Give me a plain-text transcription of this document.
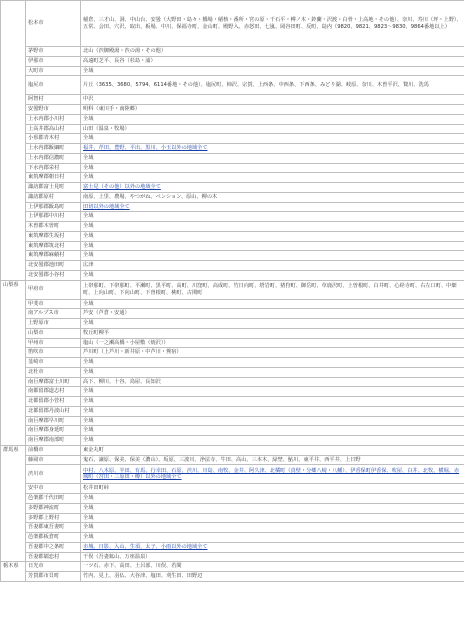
	松本市	稲倉、三才山、洞、中山台、安曇（大野田・島々・橋場・稲核・番所・宮の原・千石平・榑ノ木・鈴蘭・沢渡・白骨・上高地・その他）、奈川、寿川（坪・上野）、五常、会田、穴沢、取出、板場、中川、保福寺町、金山町、殿野入、赤怒田、七嵐、岡谷田町、反町、島内（9820、9821、9823～9830、9864番地以上）
	茅野市	北山（渋御殿湯・渋の湯・その他）
	伊那市	高遠町芝平、長谷（杉島・浦）
	大町市	全域
	塩尻市	片丘（3635、3680、5794、6114番地・その他）、塩尻町、柿沢、宗賀、上西条、中西条、下西条、みどり湖、岐原、奈川、木曽平沢、贄川、洗馬
	阿智村	中沢
	安曇野市	明科（東川手・南陸郷）
	上水内郡小川村	全域
	上高井郡高山村	山田（温泉・牧場）
	小県郡青木村	全域
	上水内郡飯綱町	福井、芹田、豊野、平出、黒川、小玉以外の地域全て
	上水内郡信濃町	全域
	下水内郡栄村	全域
	東筑摩郡朝日村	全域
	諏訪郡富士見町	富士見（その他）以外の地域全て
	諏訪郡原村	南原、上里、農場、やつがね、ペンション、原山、柳の木
	上伊那郡飯島町	田切以外の地域全て
	上伊那郡中川村	全域
	木曽郡木曽町	全域
	東筑摩郡生坂村	全域
	東筑摩郡筑北村	全域
	東筑摩郡麻績村	全域
	北安曇郡池田町	広津
	北安曇郡小谷村	全域
山梨県	甲府市	上帯那町、下帯那町、平瀬町、黒平町、高町、川窪町、高成町、竹日向町、塔岩町、猪狩町、御岳町、草鹿沢町、上曽根町、白井町、心経寺町、右左口町、中畑町、上向山町、下向山町、下曽根町、桃町、古関町
	甲斐市	全域
	南アルプス市	芦安（芦倉・安通）
	上野原市	全域
	山梨市	牧丘町柳平
	甲州市	塩山（一之瀬高橋・小屋敷（焼沢））
	笛吹市	芦川町（上芦川・新井原・中芦川・鶯宿）
	韮崎市	全域
	北杜市	全域
	南巨摩郡富士川町	高下、柳川、十谷、鳥屋、長知沢
	南都留郡道志村	全域
	北都留郡小菅村	全域
	北都留郡丹波山村	全域
	南巨摩郡早川町	全域
	南巨摩郡身延町	全域
	南巨摩郡南部町	全域
群馬県	前橋市	東金丸町
	藤岡市	鬼石、譲原、保美、保美（濃山）、坂原、三波川、浄法寺、牛田、高山、三本木、緑埜、鮎川、東平井、西平井、上日野
	渋川市	中村、八木原、半田、有馬、行幸田、石原、渋川、川島、南牧、金井、阿久津、北橘町（真壁・分郷八崎・八幡）、伊香保町伊香保、吹屋、白井、北牧、横堀、赤城町（宮田・三原田・樽）以外の地域全て
	安中市	松井田町峠
	邑楽郡千代田町	全域
	多野郡神流町	全域
	多野郡上野村	全域
	吾妻郡東吾妻町	全域
	邑楽郡板倉町	全域
	吾妻郡中之条町	市城、日影、入山、生須、太子、小雨以外の地域全て
	吾妻郡嬬恋村	干俣（吾妻鉱山、万座温泉）
栃木県	日光市	一ツ石、赤下、高田、土呂部、川俣、若間
	芳賀郡市貝町	竹内、見上、羽仏、大谷津、塩田、刈生田、田野辺
